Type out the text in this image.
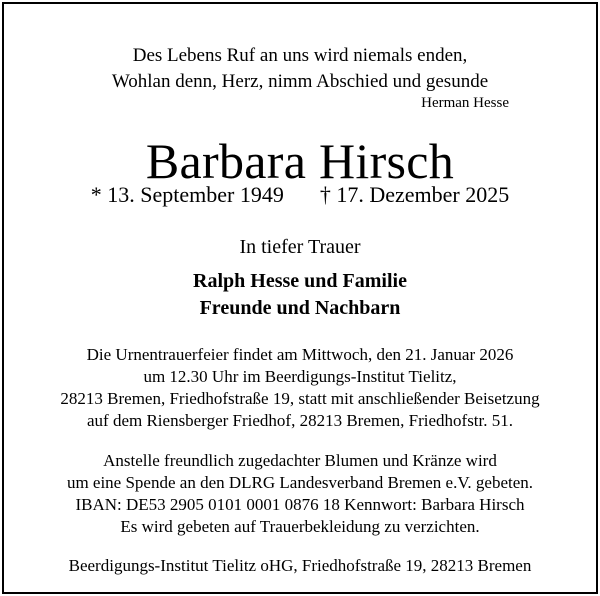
Des Lebens Ruf an uns wird niemals enden,
Wohlan denn, Herz, nimm Abschied und gesunde
Herman Hesse
Barbara Hirsch
* 13. September 1949 † 17. Dezember 2025
In tiefer Trauer
Ralph Hesse und Familie
Freunde und Nachbarn
Die Urnentrauerfeier findet am Mittwoch, den 21. Januar 2026
um 12.30 Uhr im Beerdigungs-Institut Tielitz,
28213 Bremen, Friedhofstraße 19, statt mit anschließender Beisetzung
auf dem Riensberger Friedhof, 28213 Bremen, Friedhofstr. 51.
Anstelle freundlich zugedachter Blumen und Kränze wird
um eine Spende an den DLRG Landesverband Bremen e.V. gebeten.
IBAN: DE53 2905 0101 0001 0876 18 Kennwort: Barbara Hirsch
Es wird gebeten auf Trauerbekleidung zu verzichten.
Beerdigungs-Institut Tielitz oHG, Friedhofstraße 19, 28213 Bremen
